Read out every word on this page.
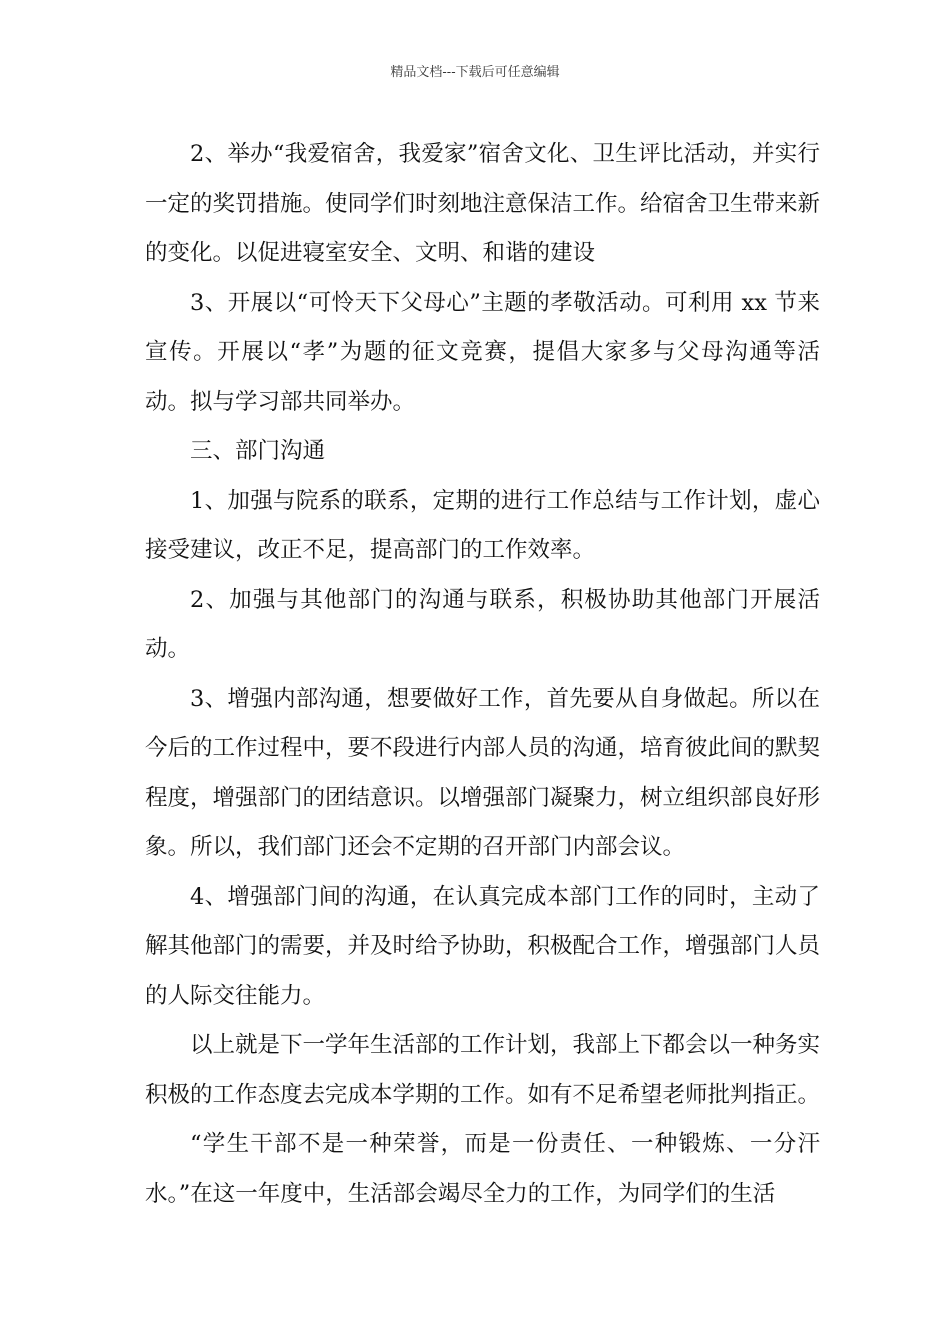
精品文档---下载后可任意编辑

2、举办“我爱宿舍，我爱家”宿舍文化、卫生评比活动，并实行一定的奖罚措施。使同学们时刻地注意保洁工作。给宿舍卫生带来新的变化。以促进寝室安全、文明、和谐的建设

3、开展以“可怜天下父母心”主题的孝敬活动。可利用 xx 节来宣传。开展以“孝”为题的征文竞赛，提倡大家多与父母沟通等活动。拟与学习部共同举办。

三、部门沟通

1、加强与院系的联系，定期的进行工作总结与工作计划，虚心接受建议，改正不足，提高部门的工作效率。

2、加强与其他部门的沟通与联系，积极协助其他部门开展活动。

3、增强内部沟通，想要做好工作，首先要从自身做起。所以在今后的工作过程中，要不段进行内部人员的沟通，培育彼此间的默契程度，增强部门的团结意识。以增强部门凝聚力，树立组织部良好形象。所以，我们部门还会不定期的召开部门内部会议。

4、增强部门间的沟通，在认真完成本部门工作的同时，主动了解其他部门的需要，并及时给予协助，积极配合工作，增强部门人员的人际交往能力。

以上就是下一学年生活部的工作计划，我部上下都会以一种务实积极的工作态度去完成本学期的工作。如有不足希望老师批判指正。

“学生干部不是一种荣誉，而是一份责任、一种锻炼、一分汗水。”在这一年度中，生活部会竭尽全力的工作，为同学们的生活
